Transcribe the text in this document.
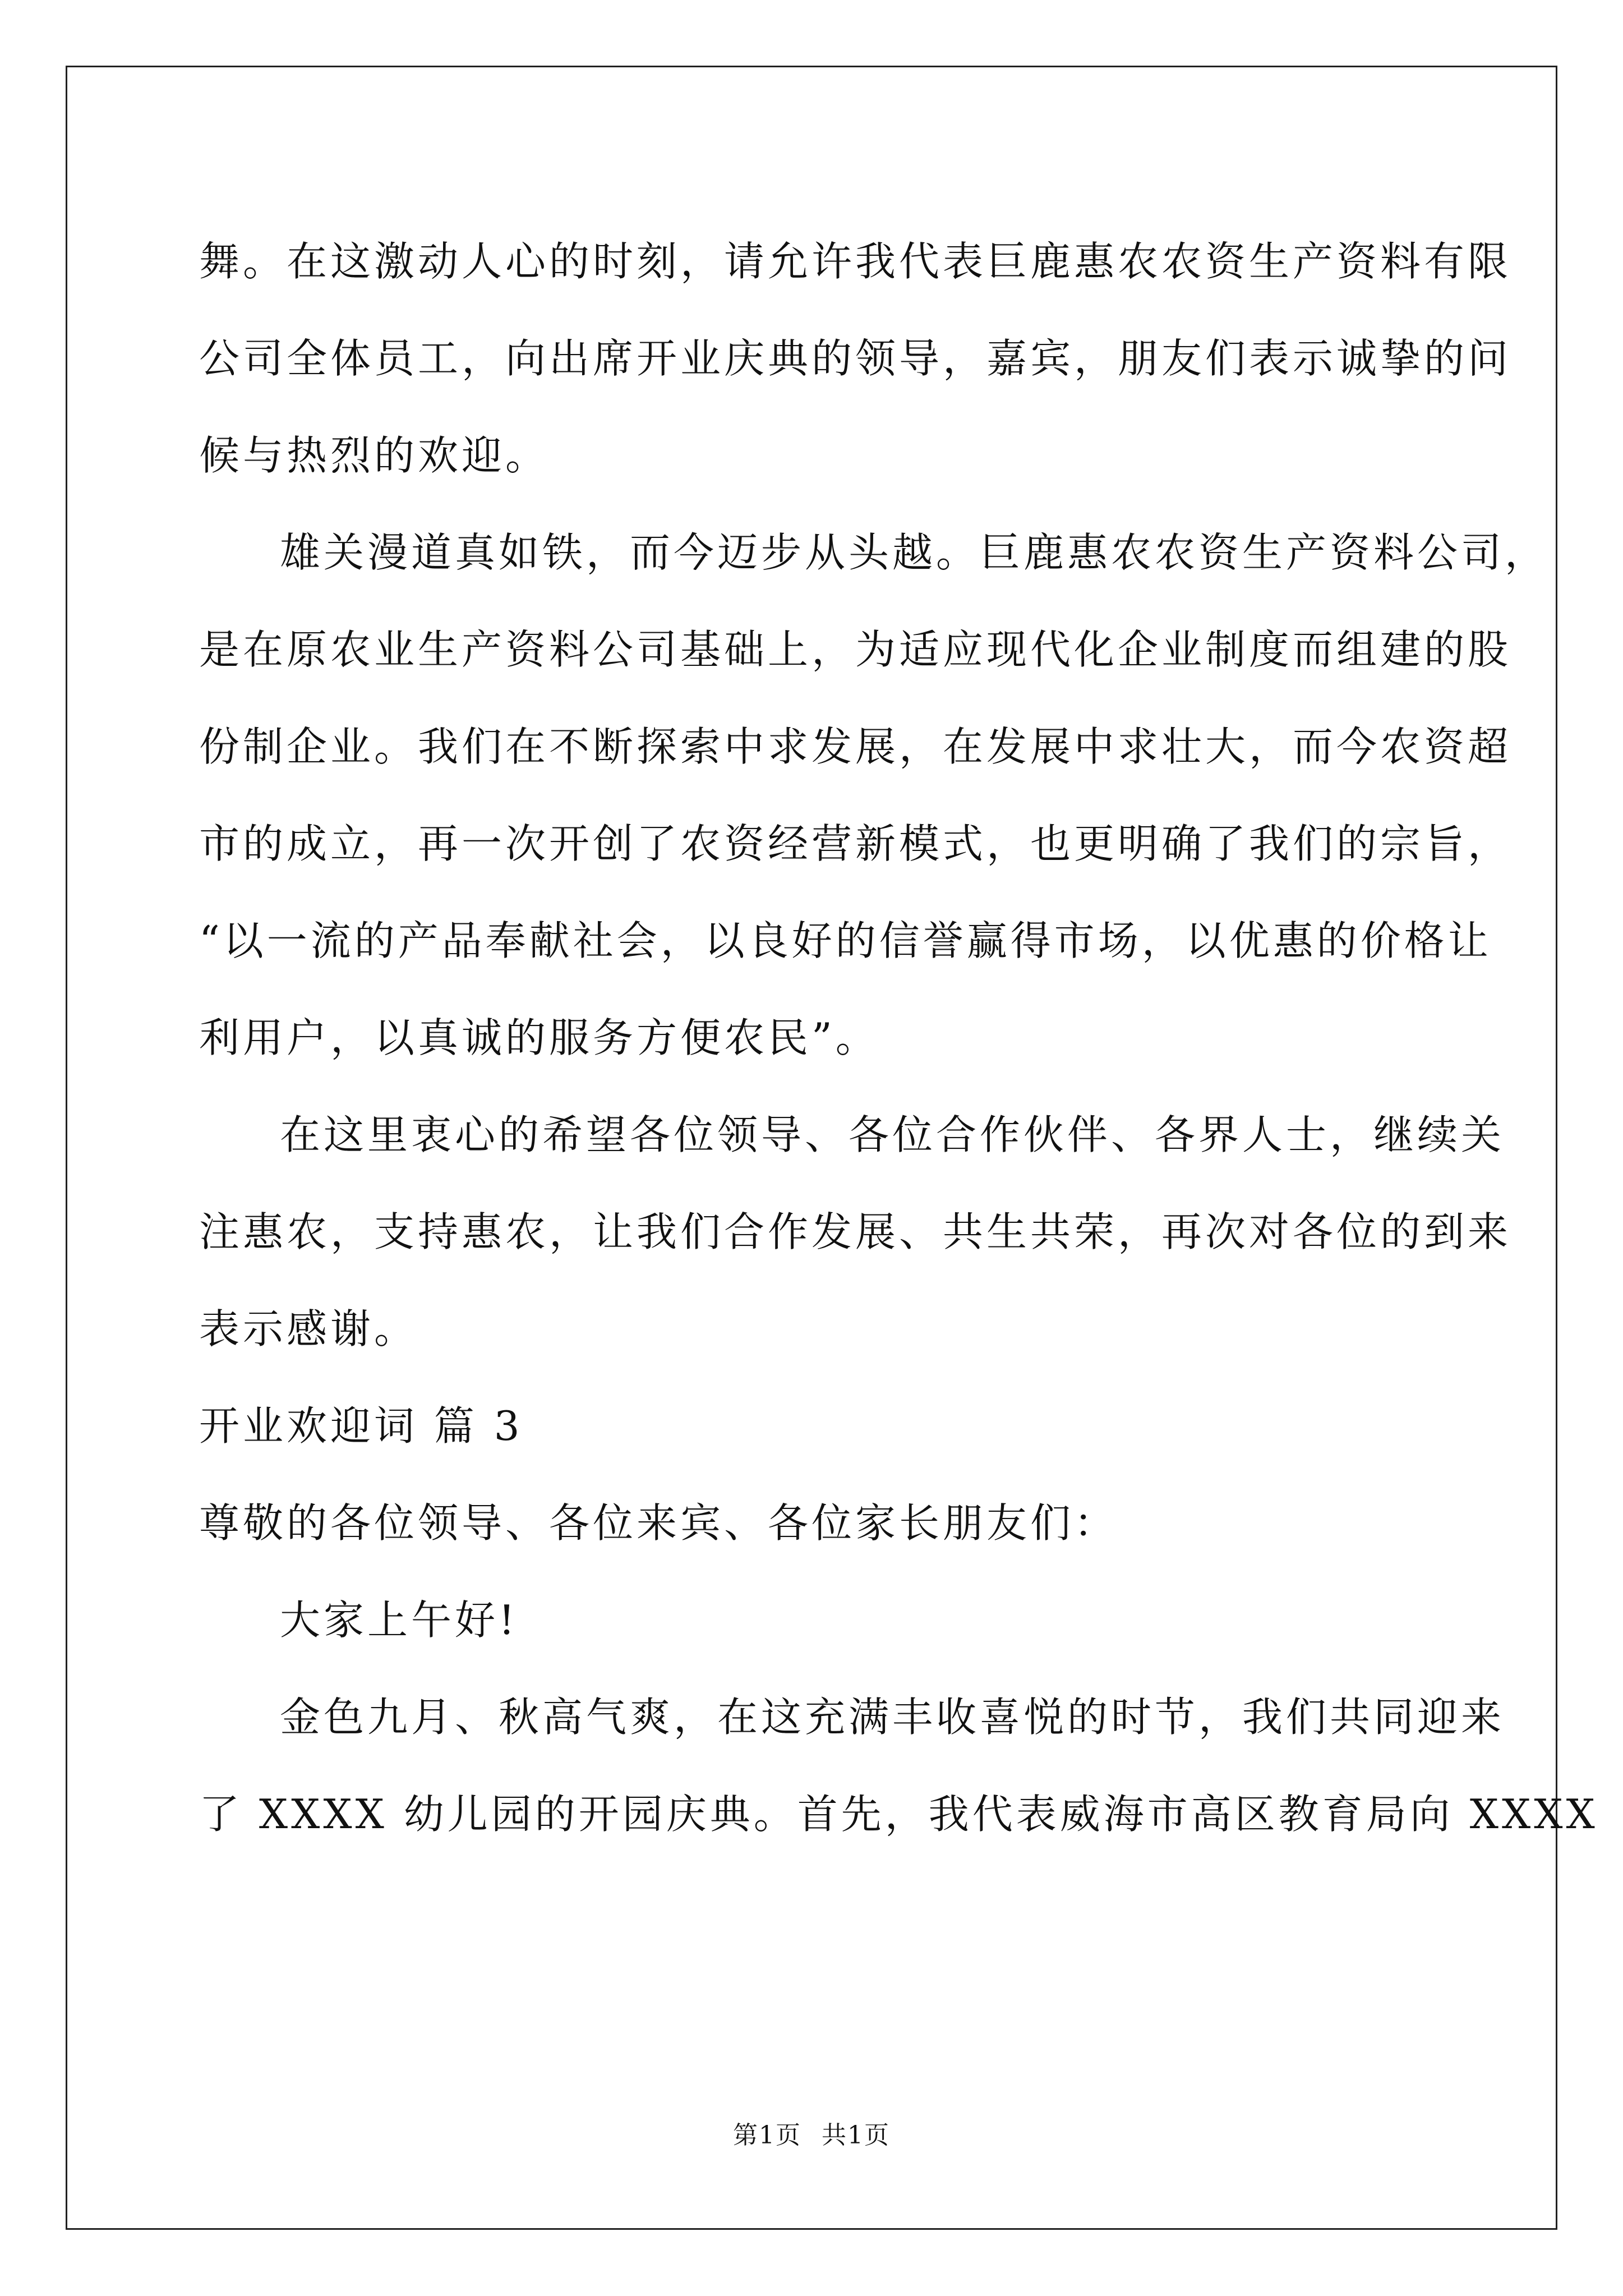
舞。在这激动人心的时刻，请允许我代表巨鹿惠农农资生产资料有限
公司全体员工，向出席开业庆典的领导，嘉宾，朋友们表示诚挚的问
候与热烈的欢迎。
雄关漫道真如铁，而今迈步从头越。巨鹿惠农农资生产资料公司，
是在原农业生产资料公司基础上，为适应现代化企业制度而组建的股
份制企业。我们在不断探索中求发展，在发展中求壮大，而今农资超
市的成立，再一次开创了农资经营新模式，也更明确了我们的宗旨，
“以一流的产品奉献社会，以良好的信誉赢得市场，以优惠的价格让
利用户，以真诚的服务方便农民”。
在这里衷心的希望各位领导、各位合作伙伴、各界人士，继续关
注惠农，支持惠农，让我们合作发展、共生共荣，再次对各位的到来
表示感谢。
开业欢迎词 篇 3
尊敬的各位领导、各位来宾、各位家长朋友们：
大家上午好!
金色九月、秋高气爽，在这充满丰收喜悦的时节，我们共同迎来
了 XXXX 幼儿园的开园庆典。首先，我代表威海市高区教育局向 XXXX
第1页 共1页
